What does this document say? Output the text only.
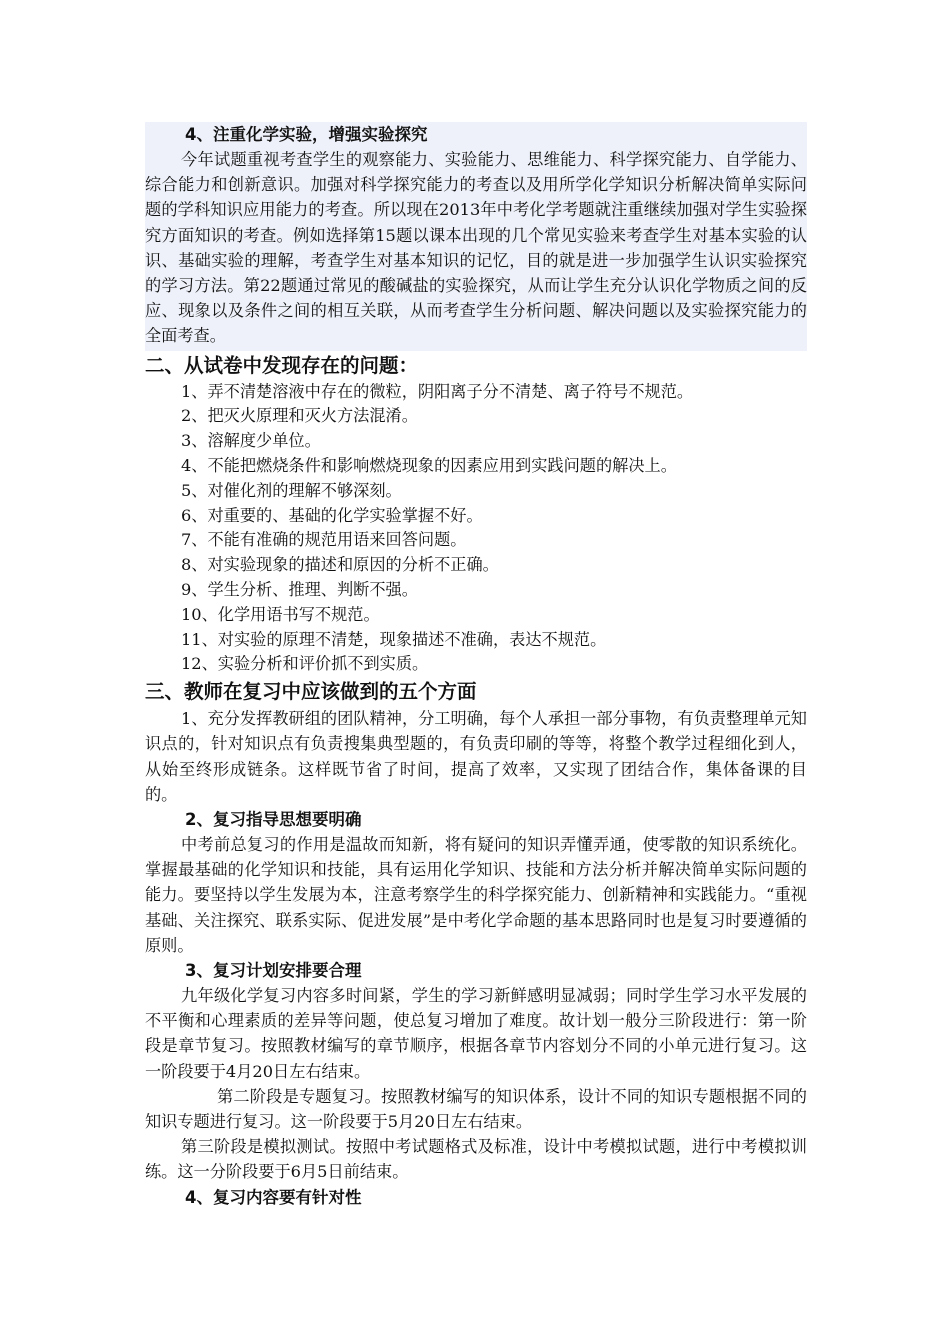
4、注重化学实验，增强实验探究

今年试题重视考查学生的观察能力、实验能力、思维能力、科学探究能力、自学能力、综合能力和创新意识。加强对科学探究能力的考查以及用所学化学知识分析解决简单实际问题的学科知识应用能力的考查。所以现在2013年中考化学考题就注重继续加强对学生实验探究方面知识的考查。例如选择第15题以课本出现的几个常见实验来考查学生对基本实验的认识、基础实验的理解，考查学生对基本知识的记忆，目的就是进一步加强学生认识实验探究的学习方法。第22题通过常见的酸碱盐的实验探究，从而让学生充分认识化学物质之间的反应、现象以及条件之间的相互关联，从而考查学生分析问题、解决问题以及实验探究能力的全面考查。

二、从试卷中发现存在的问题：

1、弄不清楚溶液中存在的微粒，阴阳离子分不清楚、离子符号不规范。

2、把灭火原理和灭火方法混淆。

3、溶解度少单位。

4、不能把燃烧条件和影响燃烧现象的因素应用到实践问题的解决上。

5、对催化剂的理解不够深刻。

6、对重要的、基础的化学实验掌握不好。

7、不能有准确的规范用语来回答问题。

8、对实验现象的描述和原因的分析不正确。

9、学生分析、推理、判断不强。

10、化学用语书写不规范。

11、对实验的原理不清楚，现象描述不准确，表达不规范。

12、实验分析和评价抓不到实质。

三、教师在复习中应该做到的五个方面

1、充分发挥教研组的团队精神，分工明确，每个人承担一部分事物，有负责整理单元知识点的，针对知识点有负责搜集典型题的，有负责印刷的等等，将整个教学过程细化到人，从始至终形成链条。这样既节省了时间，提高了效率，又实现了团结合作，集体备课的目的。

2、复习指导思想要明确

中考前总复习的作用是温故而知新，将有疑问的知识弄懂弄通，使零散的知识系统化。掌握最基础的化学知识和技能，具有运用化学知识、技能和方法分析并解决简单实际问题的能力。要坚持以学生发展为本，注意考察学生的科学探究能力、创新精神和实践能力。“重视基础、关注探究、联系实际、促进发展”是中考化学命题的基本思路同时也是复习时要遵循的原则。

3、复习计划安排要合理

九年级化学复习内容多时间紧，学生的学习新鲜感明显减弱；同时学生学习水平发展的不平衡和心理素质的差异等问题，使总复习增加了难度。故计划一般分三阶段进行：第一阶段是章节复习。按照教材编写的章节顺序，根据各章节内容划分不同的小单元进行复习。这一阶段要于4月20日左右结束。

第二阶段是专题复习。按照教材编写的知识体系，设计不同的知识专题根据不同的知识专题进行复习。这一阶段要于5月20日左右结束。

第三阶段是模拟测试。按照中考试题格式及标准，设计中考模拟试题，进行中考模拟训练。这一分阶段要于6月5日前结束。

4、复习内容要有针对性
